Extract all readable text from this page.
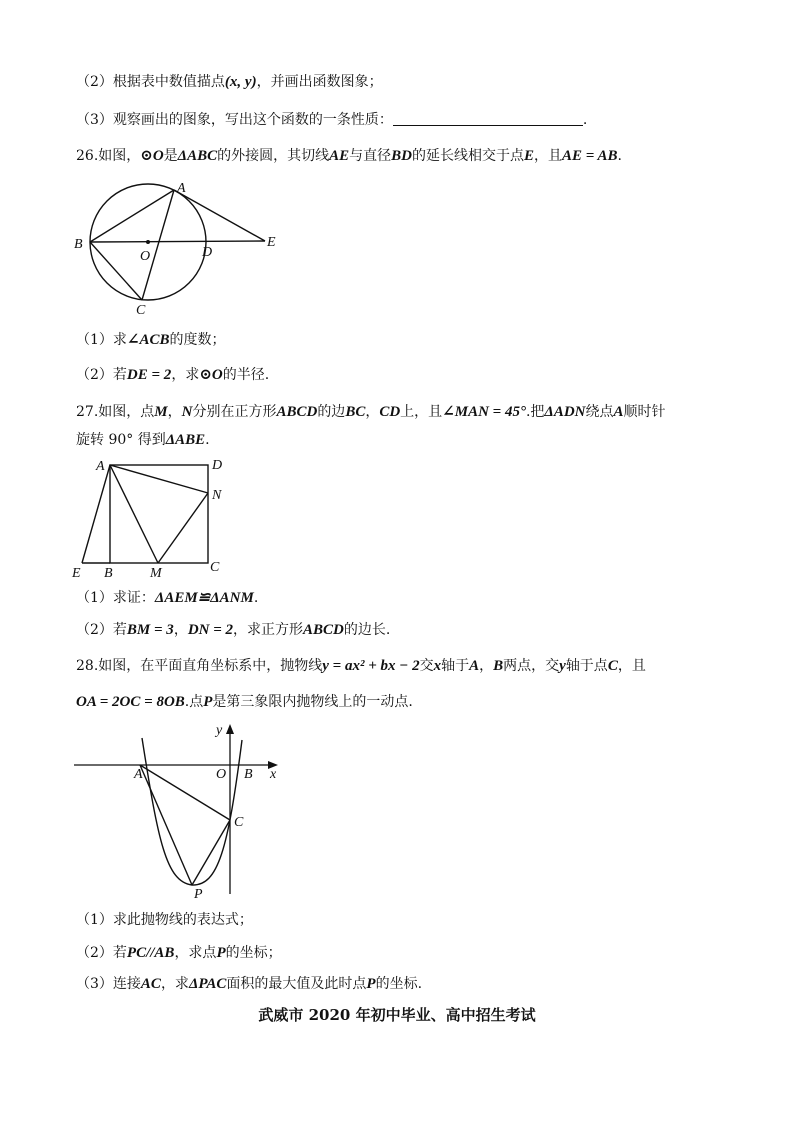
（2）根据表中数值描点(x, y)，并画出函数图象；
（3）观察画出的图象，写出这个函数的一条性质：	.
26.如图，⊙O是ΔABC的外接圆，其切线AE与直径BD的延长线相交于点E，且AE = AB.
A
B
O	D
E
C
（1）求∠ACB的度数；
（2）若DE = 2，求⊙O的半径.
27.如图，点M，N分别在正方形ABCD的边BC，CD上，且∠MAN = 45°.把ΔADN绕点A顺时针
旋转 90° 得到ΔABE.
A	D
N
E B	M	C
（1）求证：ΔAEM≌ΔANM.
（2）若BM = 3，DN = 2，求正方形ABCD的边长.
28.如图，在平面直角坐标系中，抛物线y = ax² + bx − 2交x轴于A，B两点，交y轴于点C，且
OA = 2OC = 8OB.点P是第三象限内抛物线上的一动点.
y
x
A	O B
C
P
（1）求此抛物线的表达式；
（2）若PC//AB，求点P的坐标；
（3）连接AC，求ΔPAC面积的最大值及此时点P的坐标.
武威市 2020 年初中毕业、高中招生考试
